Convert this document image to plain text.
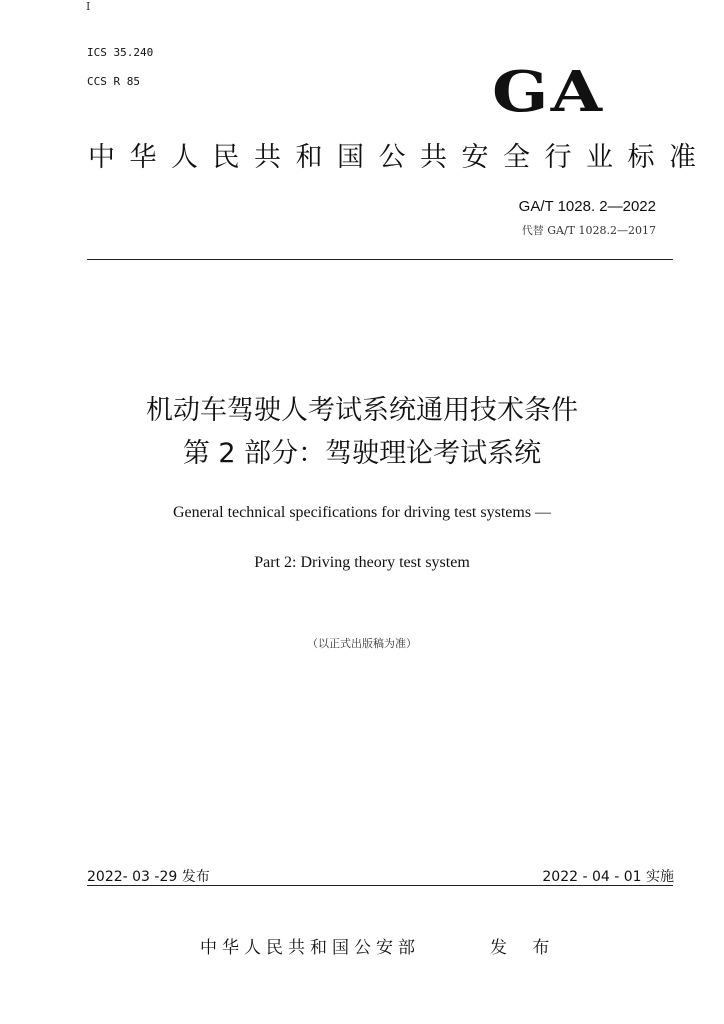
I
ICS 35.240
CCS R 85	GA
中华人民共和国公共安全行业标准
GA/T 1028. 2—2022
代替 GA/T 1028.2—2017
机动车驾驶人考试系统通用技术条件
第 2 部分：驾驶理论考试系统
General technical specifications for driving test systems —
Part 2: Driving theory test system
（以正式出版稿为准）
2022- 03 -29 发布	2022 - 04 - 01 实施
中华人民共和国公安部	发 布
